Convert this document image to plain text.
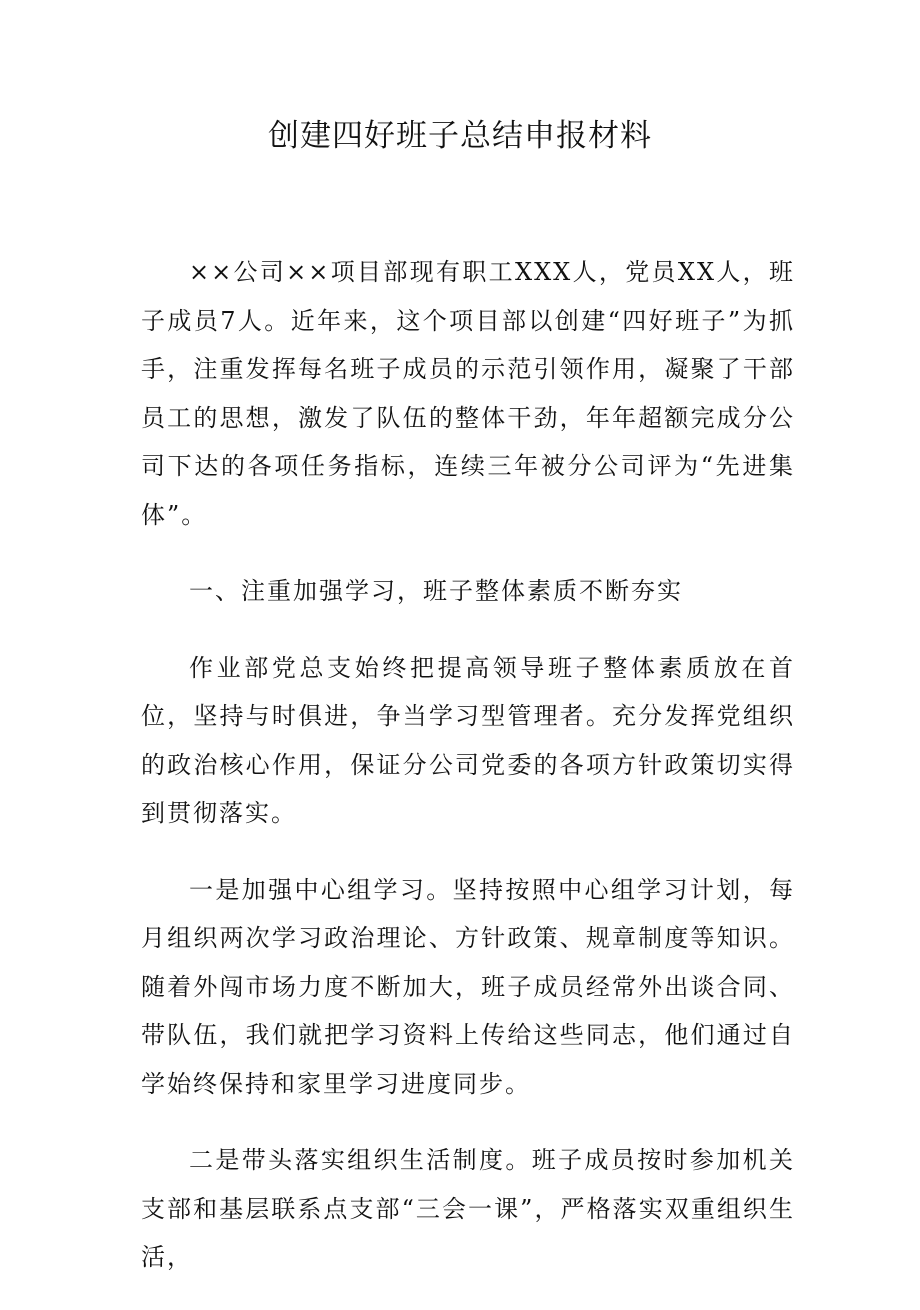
创建四好班子总结申报材料

××公司××项目部现有职工XXX人，党员XX人，班子成员7人。近年来，这个项目部以创建“四好班子”为抓手，注重发挥每名班子成员的示范引领作用，凝聚了干部员工的思想，激发了队伍的整体干劲，年年超额完成分公司下达的各项任务指标，连续三年被分公司评为“先进集体”。

一、注重加强学习，班子整体素质不断夯实

作业部党总支始终把提高领导班子整体素质放在首位，坚持与时俱进，争当学习型管理者。充分发挥党组织的政治核心作用，保证分公司党委的各项方针政策切实得到贯彻落实。

一是加强中心组学习。坚持按照中心组学习计划，每月组织两次学习政治理论、方针政策、规章制度等知识。随着外闯市场力度不断加大，班子成员经常外出谈合同、带队伍，我们就把学习资料上传给这些同志，他们通过自学始终保持和家里学习进度同步。

二是带头落实组织生活制度。班子成员按时参加机关支部和基层联系点支部“三会一课”，严格落实双重组织生活，
